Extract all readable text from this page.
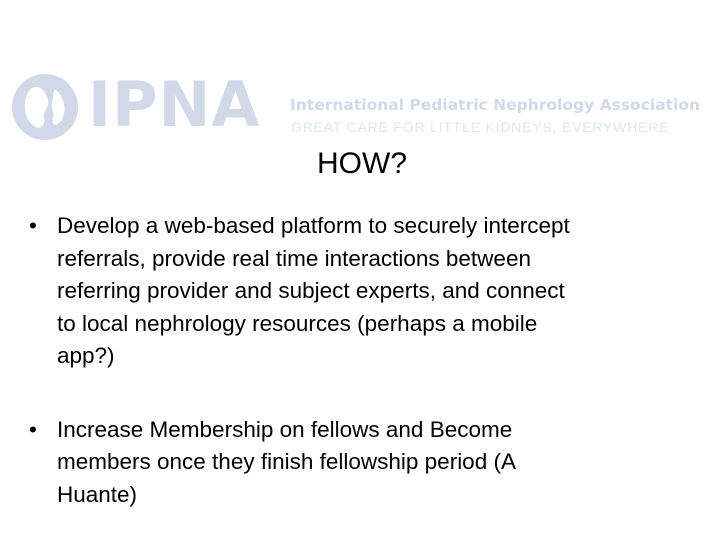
IPNA International Pediatric Nephrology Association
GREAT CARE FOR LITTLE KIDNEYS, EVERYWHERE
HOW?
• Develop a web-based platform to securely intercept
referrals, provide real time interactions between
referring provider and subject experts, and connect
to local nephrology resources (perhaps a mobile
app?)
• Increase Membership on fellows and Become
members once they finish fellowship period (A
Huante)
